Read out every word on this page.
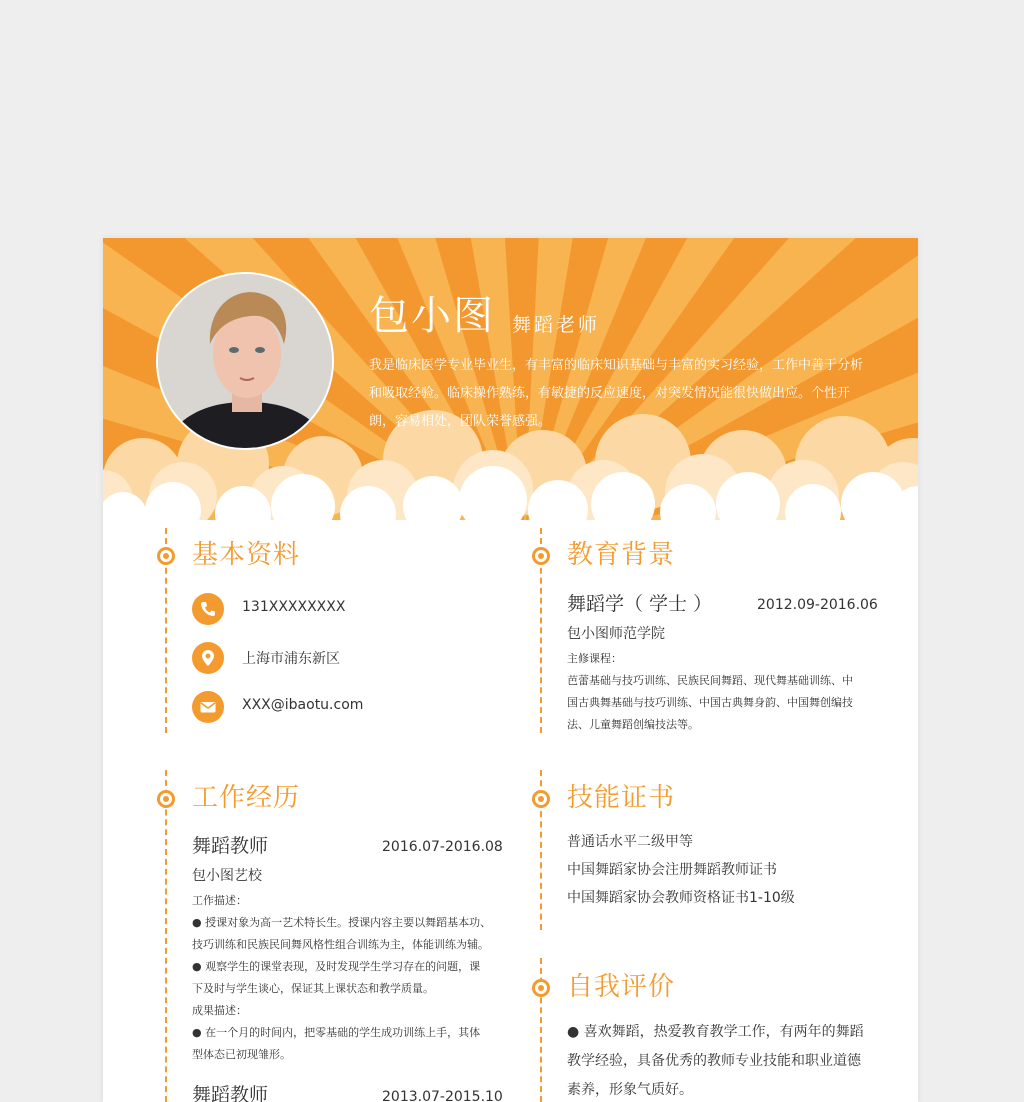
包小图 舞蹈老师
我是临床医学专业毕业生，有丰富的临床知识基础与丰富的实习经验，工作中善于分析和吸取经验。临床操作熟练，有敏捷的反应速度，对突发情况能很快做出应。个性开朗，容易相处，团队荣誉感强。
基本资料
131XXXXXXXX
上海市浦东新区
XXX@ibaotu.com
教育背景
舞蹈学（ 学士 ）	2012.09-2016.06
包小图师范学院

主修课程：

芭蕾基础与技巧训练、民族民间舞蹈、现代舞基础训练、中

国古典舞基础与技巧训练、中国古典舞身韵、中国舞创编技

法、儿童舞蹈创编技法等。

工作经历
舞蹈教师	2016.07-2016.08
包小图艺校

工作描述：

● 授课对象为高一艺术特长生。授课内容主要以舞蹈基本功、

技巧训练和民族民间舞风格性组合训练为主，体能训练为辅。

● 观察学生的课堂表现，及时发现学生学习存在的问题，课

下及时与学生谈心，保证其上课状态和教学质量。

成果描述：

● 在一个月的时间内，把零基础的学生成功训练上手，其体

型体态已初现雏形。

舞蹈教师	2013.07-2015.10
技能证书
普通话水平二级甲等
中国舞蹈家协会注册舞蹈教师证书
中国舞蹈家协会教师资格证书1-10级
自我评价
● 喜欢舞蹈，热爱教育教学工作，有两年的舞蹈教学经验，具备优秀的教师专业技能和职业道德素养，形象气质好。
